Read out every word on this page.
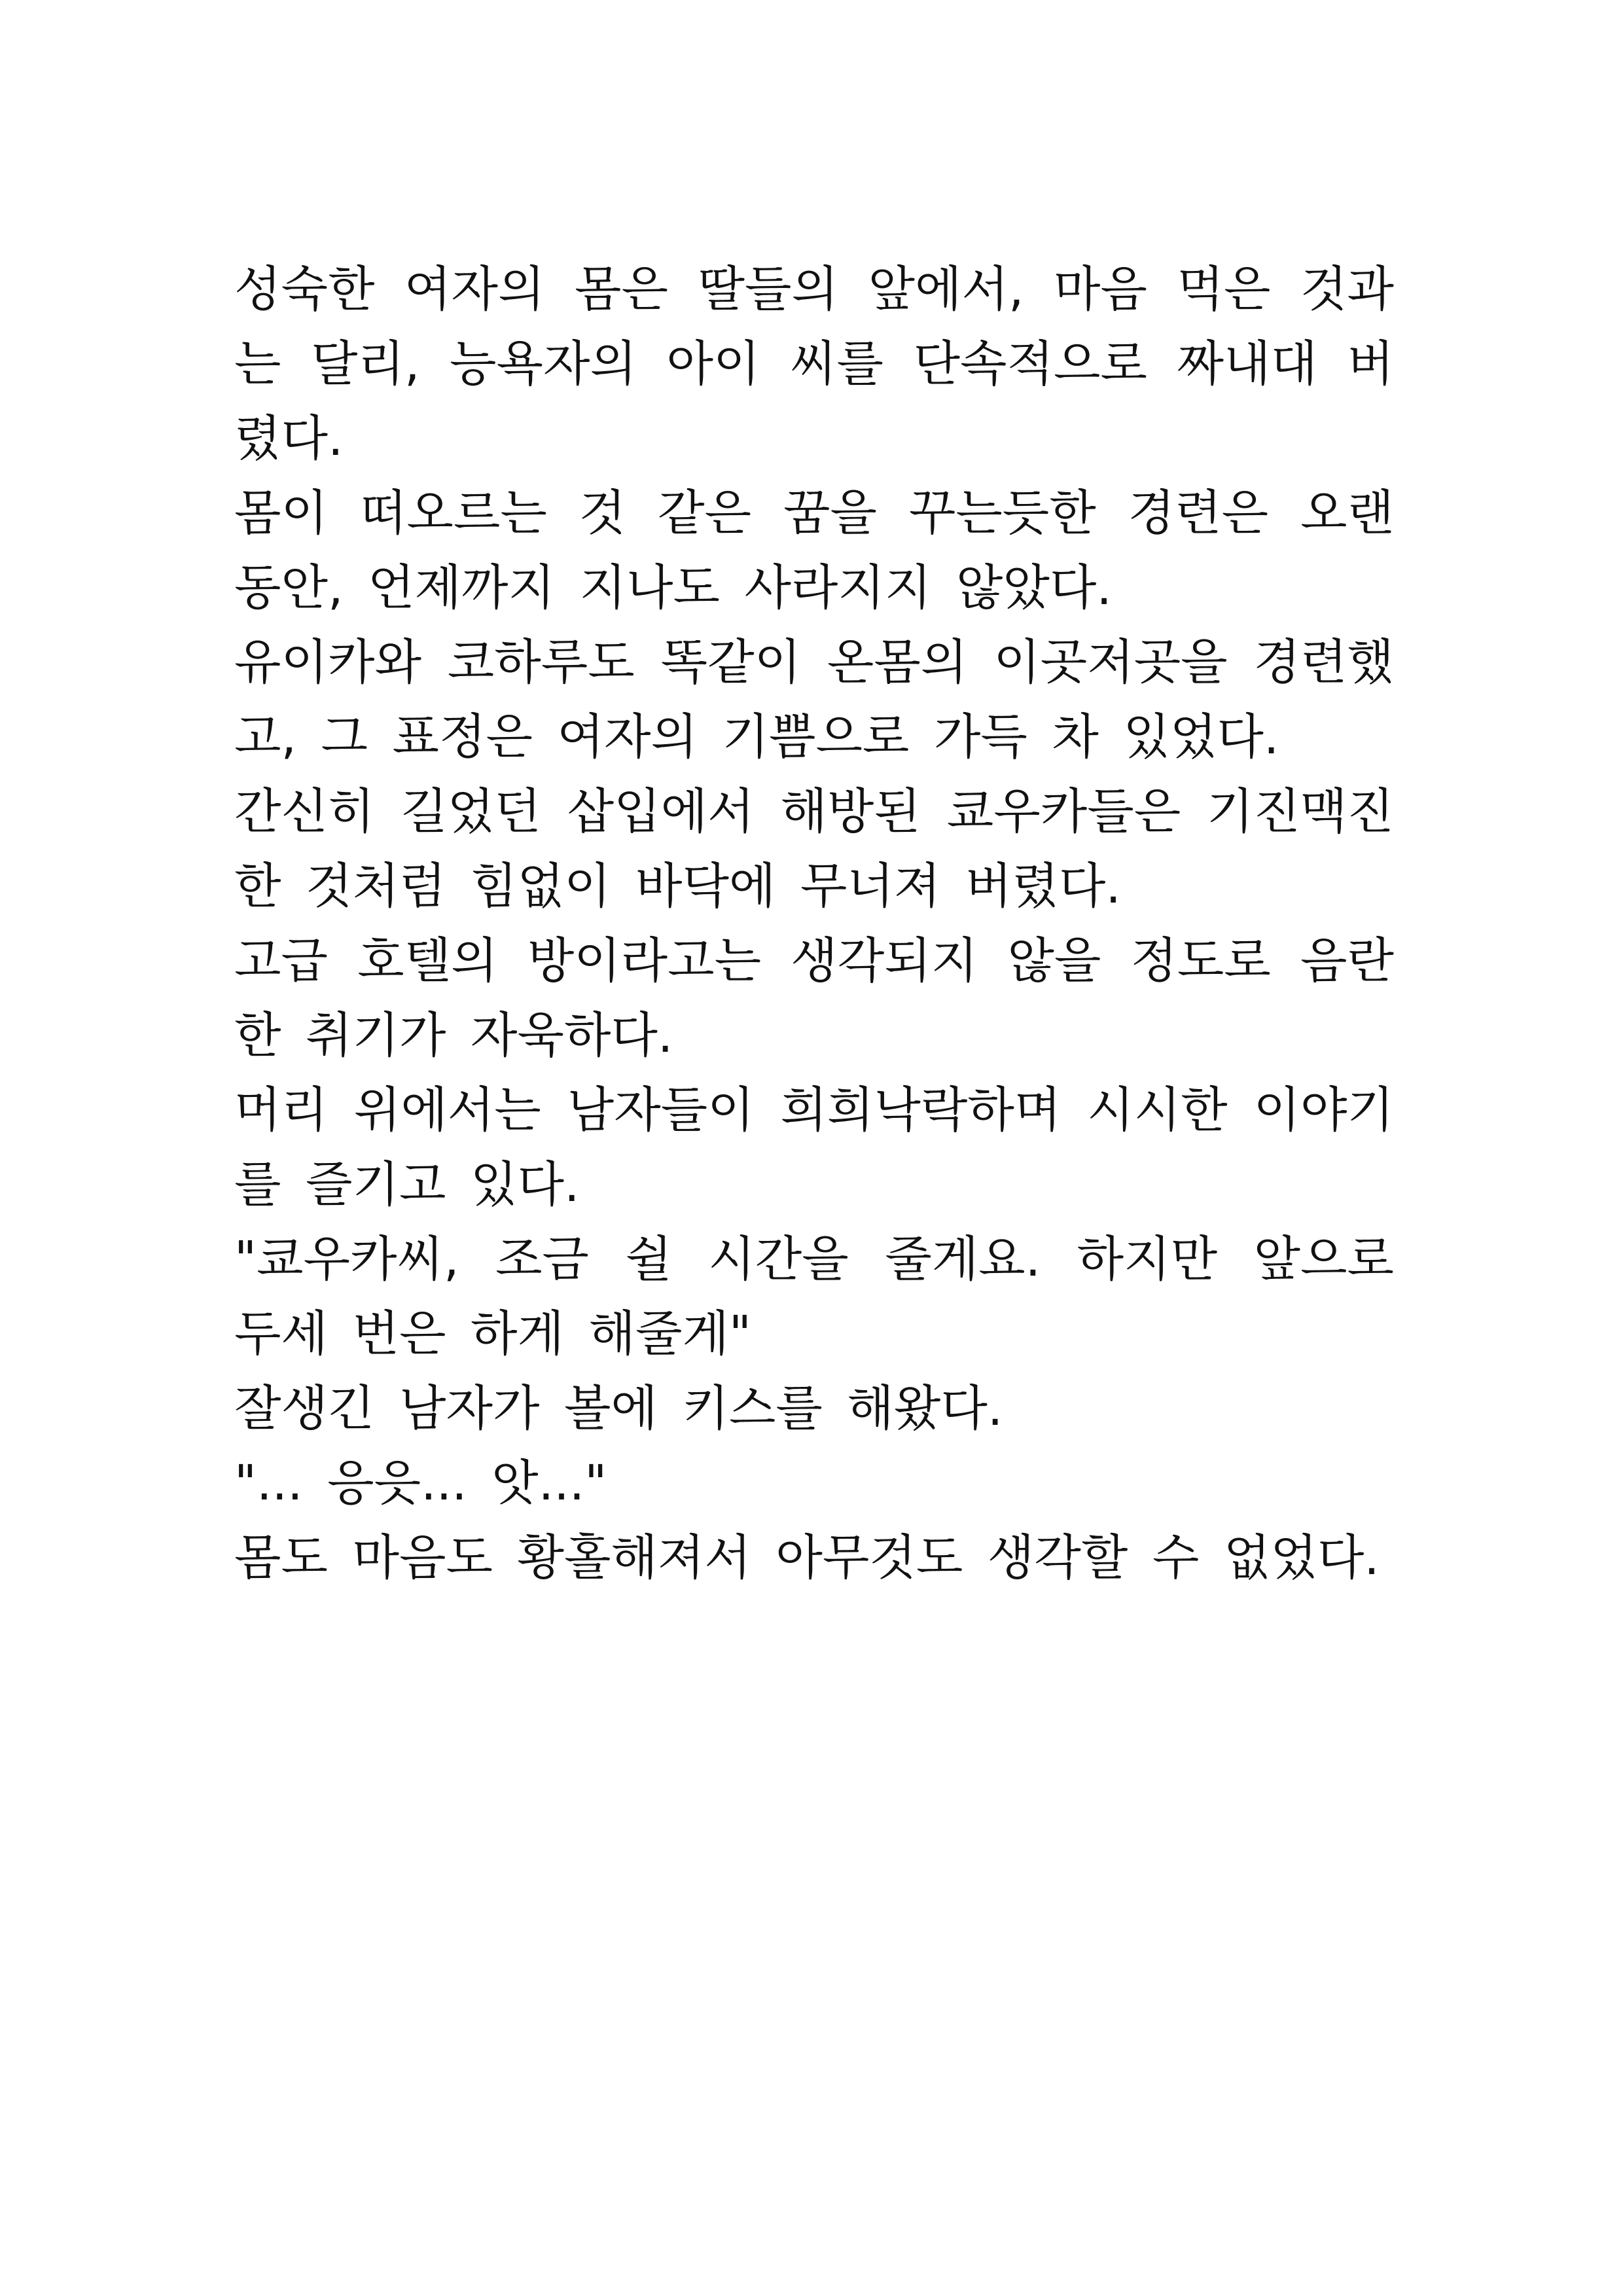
성숙한 여자의 몸은 딸들의 앞에서, 마음 먹은 것과는 달리, 능욕자의 아이 씨를 단속적으로 짜내대 버렸다.

몸이 떠오르는 것 같은 꿈을 꾸는듯한 경련은 오랜 동안, 언제까지 지나도 사라지지 않았다.

유이카와 코하루도 똑같이 온몸의 이곳저곳을 경련했고, 그 표정은 여자의 기쁨으로 가득 차 있었다.

간신히 길었던 삽입에서 해방된 쿄우카들은 기진맥진한 것처럼 힘없이 바닥에 무너져 버렸다.

고급 호텔의 방이라고는 생각되지 않을 정도로 음란한 취기가 자욱하다.

머리 위에서는 남자들이 희희낙락하며 시시한 이야기를 즐기고 있다.

"쿄우카씨, 조금 쉴 시간을 줄게요. 하지만 앞으로 두세 번은 하게 해줄게"

잘생긴 남자가 볼에 키스를 해왔다.

"... 응읏... 앗..."

몸도 마음도 황홀해져서 아무것도 생각할 수 없었다.
